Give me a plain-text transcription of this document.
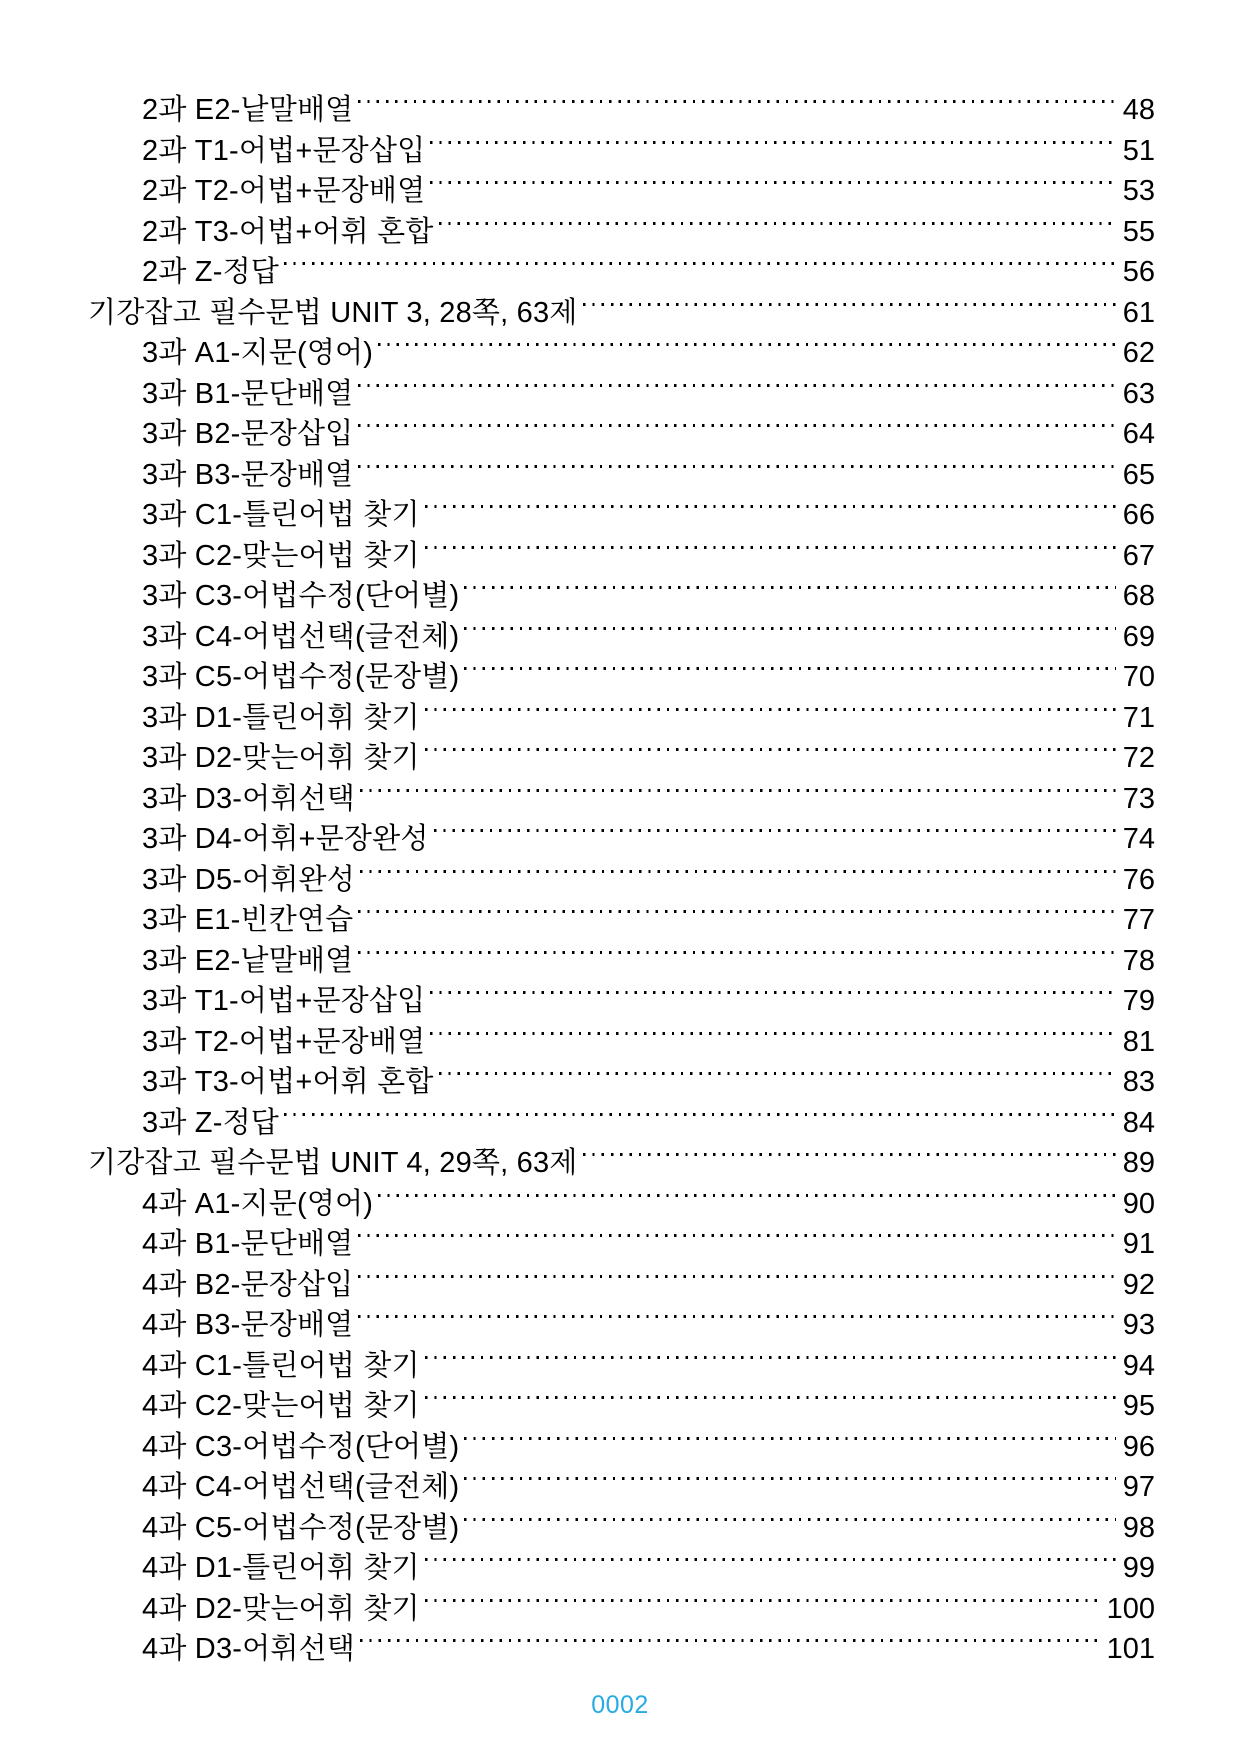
2과 E2-낱말배열	48
2과 T1-어법+문장삽입	51
2과 T2-어법+문장배열	53
2과 T3-어법+어휘 혼합	55
2과 Z-정답	56
기강잡고 필수문법 UNIT 3, 28쪽, 63제	61
3과 A1-지문(영어)	62
3과 B1-문단배열	63
3과 B2-문장삽입	64
3과 B3-문장배열	65
3과 C1-틀린어법 찾기	66
3과 C2-맞는어법 찾기	67
3과 C3-어법수정(단어별)	68
3과 C4-어법선택(글전체)	69
3과 C5-어법수정(문장별)	70
3과 D1-틀린어휘 찾기	71
3과 D2-맞는어휘 찾기	72
3과 D3-어휘선택	73
3과 D4-어휘+문장완성	74
3과 D5-어휘완성	76
3과 E1-빈칸연습	77
3과 E2-낱말배열	78
3과 T1-어법+문장삽입	79
3과 T2-어법+문장배열	81
3과 T3-어법+어휘 혼합	83
3과 Z-정답	84
기강잡고 필수문법 UNIT 4, 29쪽, 63제	89
4과 A1-지문(영어)	90
4과 B1-문단배열	91
4과 B2-문장삽입	92
4과 B3-문장배열	93
4과 C1-틀린어법 찾기	94
4과 C2-맞는어법 찾기	95
4과 C3-어법수정(단어별)	96
4과 C4-어법선택(글전체)	97
4과 C5-어법수정(문장별)	98
4과 D1-틀린어휘 찾기	99
4과 D2-맞는어휘 찾기	100
4과 D3-어휘선택	101
0002
